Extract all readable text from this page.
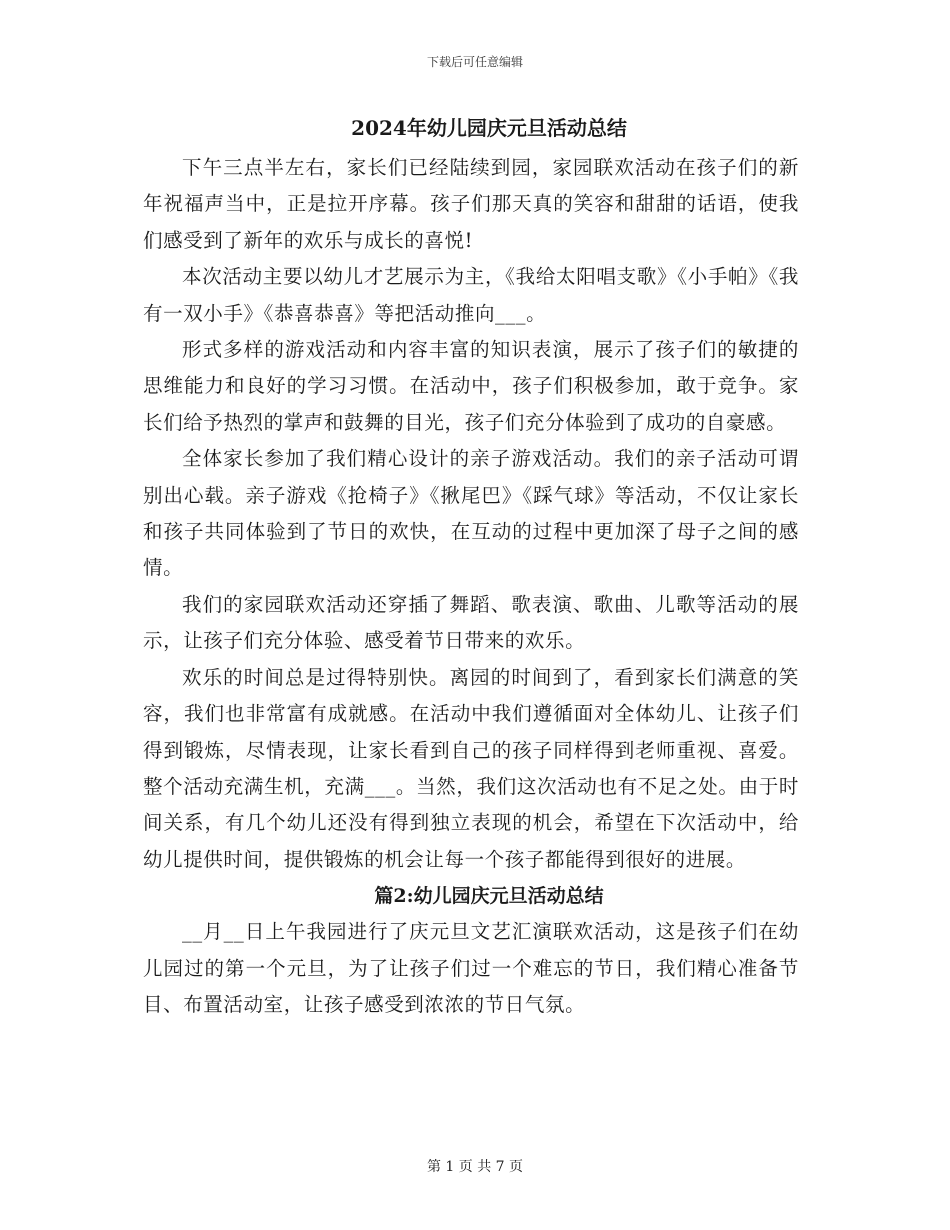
下载后可任意编辑
2024年幼儿园庆元旦活动总结

下午三点半左右，家长们已经陆续到园，家园联欢活动在孩子们的新年祝福声当中，正是拉开序幕。孩子们那天真的笑容和甜甜的话语，使我们感受到了新年的欢乐与成长的喜悦!

本次活动主要以幼儿才艺展示为主，《我给太阳唱支歌》《小手帕》《我有一双小手》《恭喜恭喜》等把活动推向___。

形式多样的游戏活动和内容丰富的知识表演，展示了孩子们的敏捷的思维能力和良好的学习习惯。在活动中，孩子们积极参加，敢于竞争。家长们给予热烈的掌声和鼓舞的目光，孩子们充分体验到了成功的自豪感。

全体家长参加了我们精心设计的亲子游戏活动。我们的亲子活动可谓别出心载。亲子游戏《抢椅子》《揪尾巴》《踩气球》等活动，不仅让家长和孩子共同体验到了节日的欢快，在互动的过程中更加深了母子之间的感情。

我们的家园联欢活动还穿插了舞蹈、歌表演、歌曲、儿歌等活动的展示，让孩子们充分体验、感受着节日带来的欢乐。

欢乐的时间总是过得特别快。离园的时间到了，看到家长们满意的笑容，我们也非常富有成就感。在活动中我们遵循面对全体幼儿、让孩子们得到锻炼，尽情表现，让家长看到自己的孩子同样得到老师重视、喜爱。整个活动充满生机，充满___。当然，我们这次活动也有不足之处。由于时间关系，有几个幼儿还没有得到独立表现的机会，希望在下次活动中，给幼儿提供时间，提供锻炼的机会让每一个孩子都能得到很好的进展。

篇2:幼儿园庆元旦活动总结

__月__日上午我园进行了庆元旦文艺汇演联欢活动，这是孩子们在幼儿园过的第一个元旦，为了让孩子们过一个难忘的节日，我们精心准备节目、布置活动室，让孩子感受到浓浓的节日气氛。

第 1 页 共 7 页
